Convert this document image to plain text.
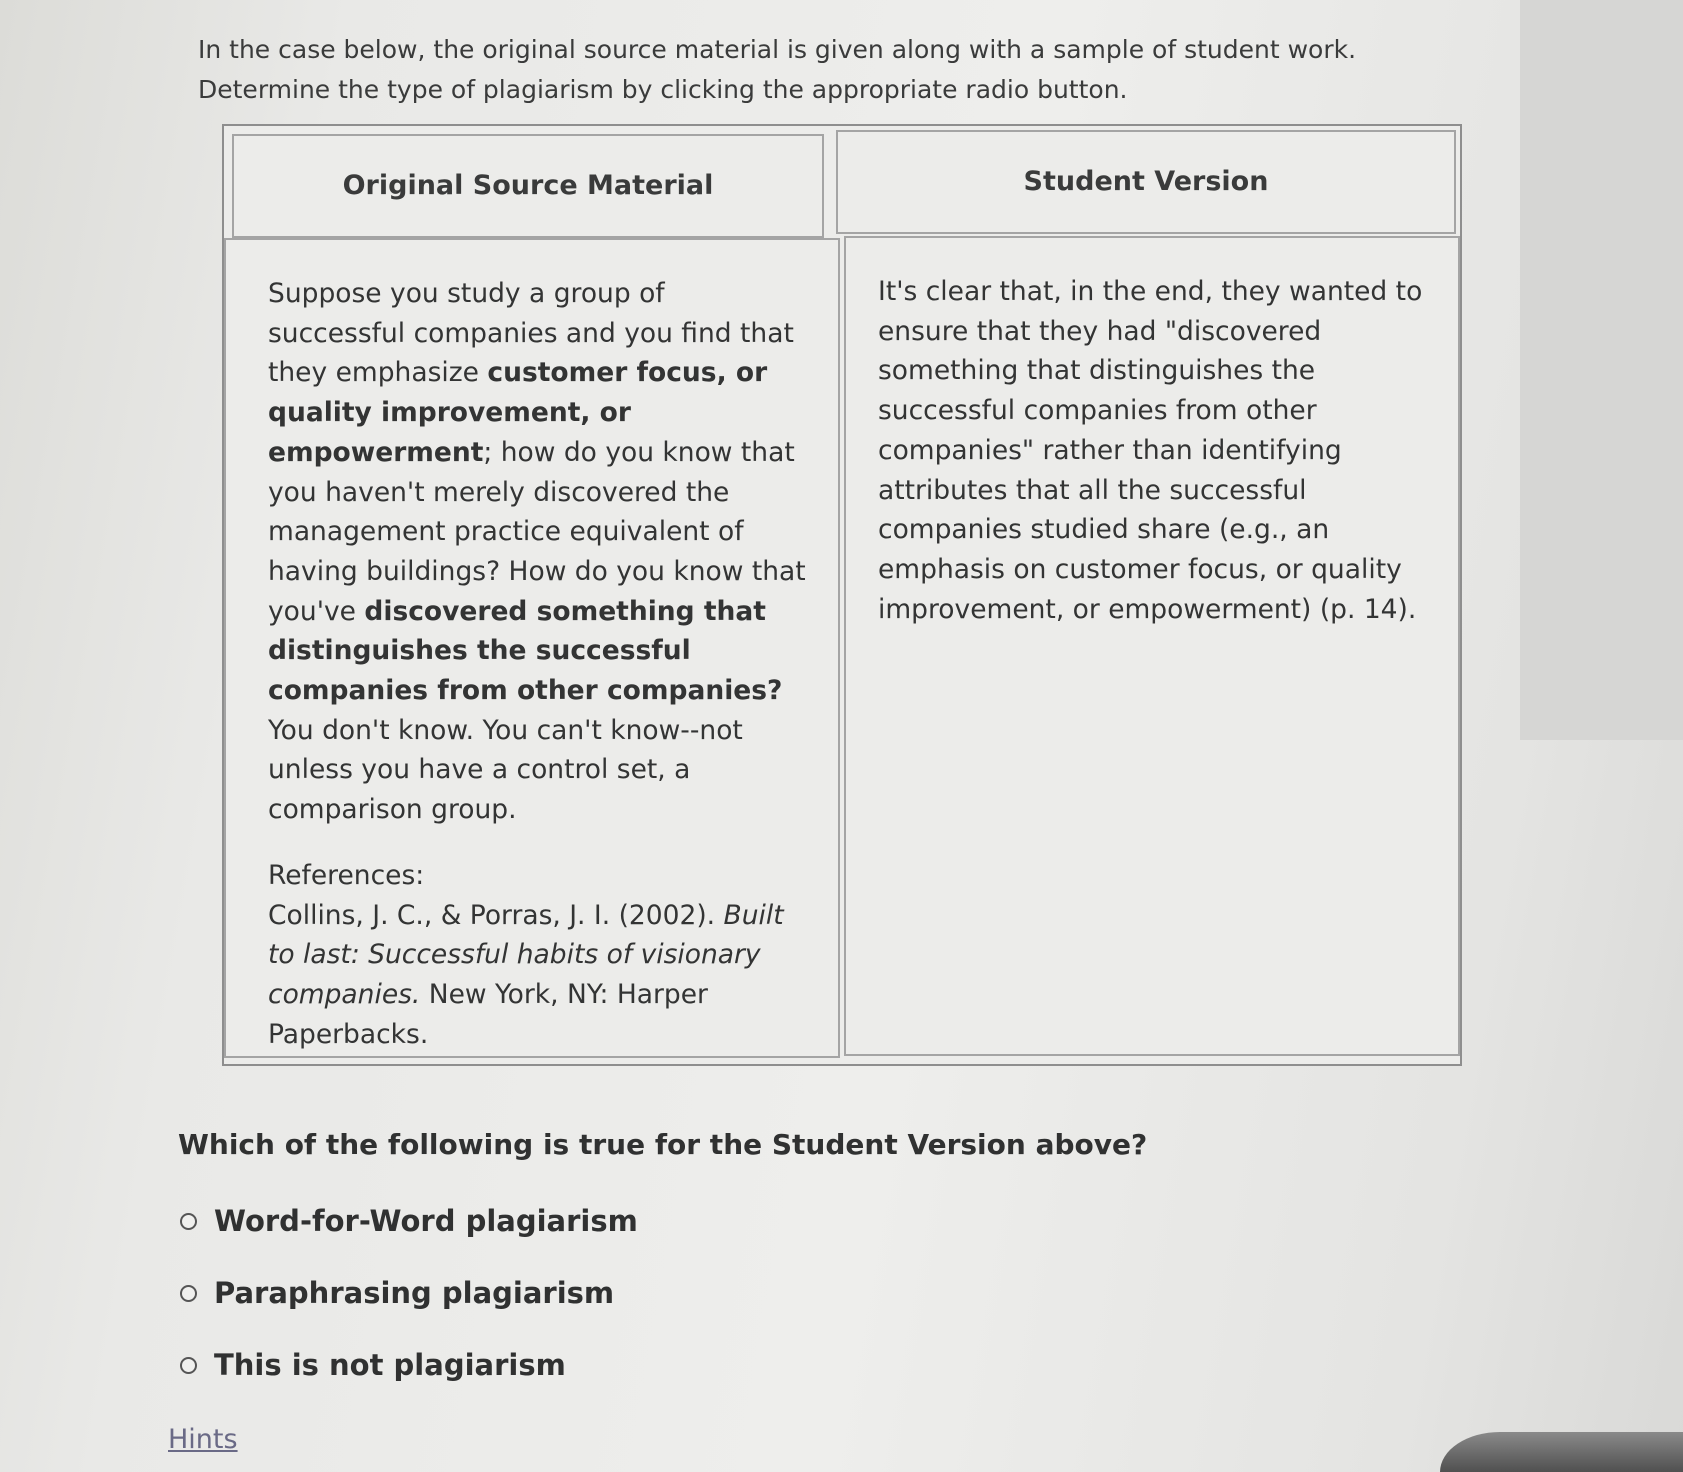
In the case below, the original source material is given along with a sample of student work.
Determine the type of plagiarism by clicking the appropriate radio button.
Original Source Material	Student Version

Suppose you study a group of successful companies and you find that they emphasize customer focus, or quality improvement, or empowerment; how do you know that you haven't merely discovered the management practice equivalent of having buildings? How do you know that you've discovered something that distinguishes the successful companies from other companies? You don't know. You can't know--not unless you have a control set, a comparison group.

References:

Collins, J. C., & Porras, J. I. (2002). Built to last: Successful habits of visionary companies. New York, NY: Harper Paperbacks.

It's clear that, in the end, they wanted to ensure that they had "discovered something that distinguishes the successful companies from other companies" rather than identifying attributes that all the successful companies studied share (e.g., an emphasis on customer focus, or quality improvement, or empowerment) (p. 14).

Which of the following is true for the Student Version above?
Word-for-Word plagiarism
Paraphrasing plagiarism
This is not plagiarism
Hints
